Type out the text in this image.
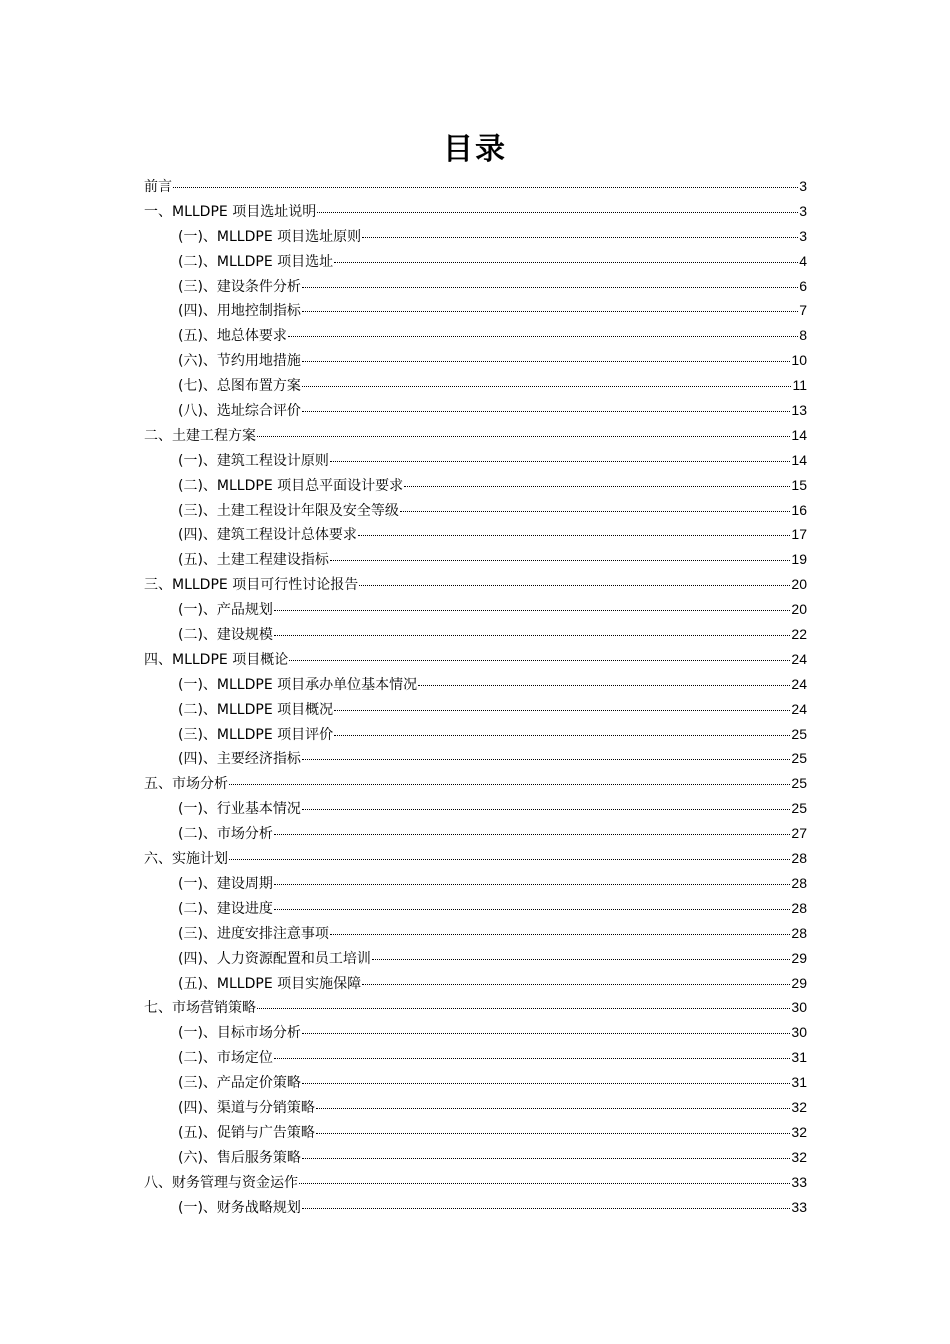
目录
前言	3
一、MLLDPE 项目选址说明	3
(一)、MLLDPE 项目选址原则	3
(二)、MLLDPE 项目选址	4
(三)、建设条件分析	6
(四)、用地控制指标	7
(五)、地总体要求	8
(六)、节约用地措施	10
(七)、总图布置方案	11
(八)、选址综合评价	13
二、土建工程方案	14
(一)、建筑工程设计原则	14
(二)、MLLDPE 项目总平面设计要求	15
(三)、土建工程设计年限及安全等级	16
(四)、建筑工程设计总体要求	17
(五)、土建工程建设指标	19
三、MLLDPE 项目可行性讨论报告	20
(一)、产品规划	20
(二)、建设规模	22
四、MLLDPE 项目概论	24
(一)、MLLDPE 项目承办单位基本情况	24
(二)、MLLDPE 项目概况	24
(三)、MLLDPE 项目评价	25
(四)、主要经济指标	25
五、市场分析	25
(一)、行业基本情况	25
(二)、市场分析	27
六、实施计划	28
(一)、建设周期	28
(二)、建设进度	28
(三)、进度安排注意事项	28
(四)、人力资源配置和员工培训	29
(五)、MLLDPE 项目实施保障	29
七、市场营销策略	30
(一)、目标市场分析	30
(二)、市场定位	31
(三)、产品定价策略	31
(四)、渠道与分销策略	32
(五)、促销与广告策略	32
(六)、售后服务策略	32
八、财务管理与资金运作	33
(一)、财务战略规划	33
